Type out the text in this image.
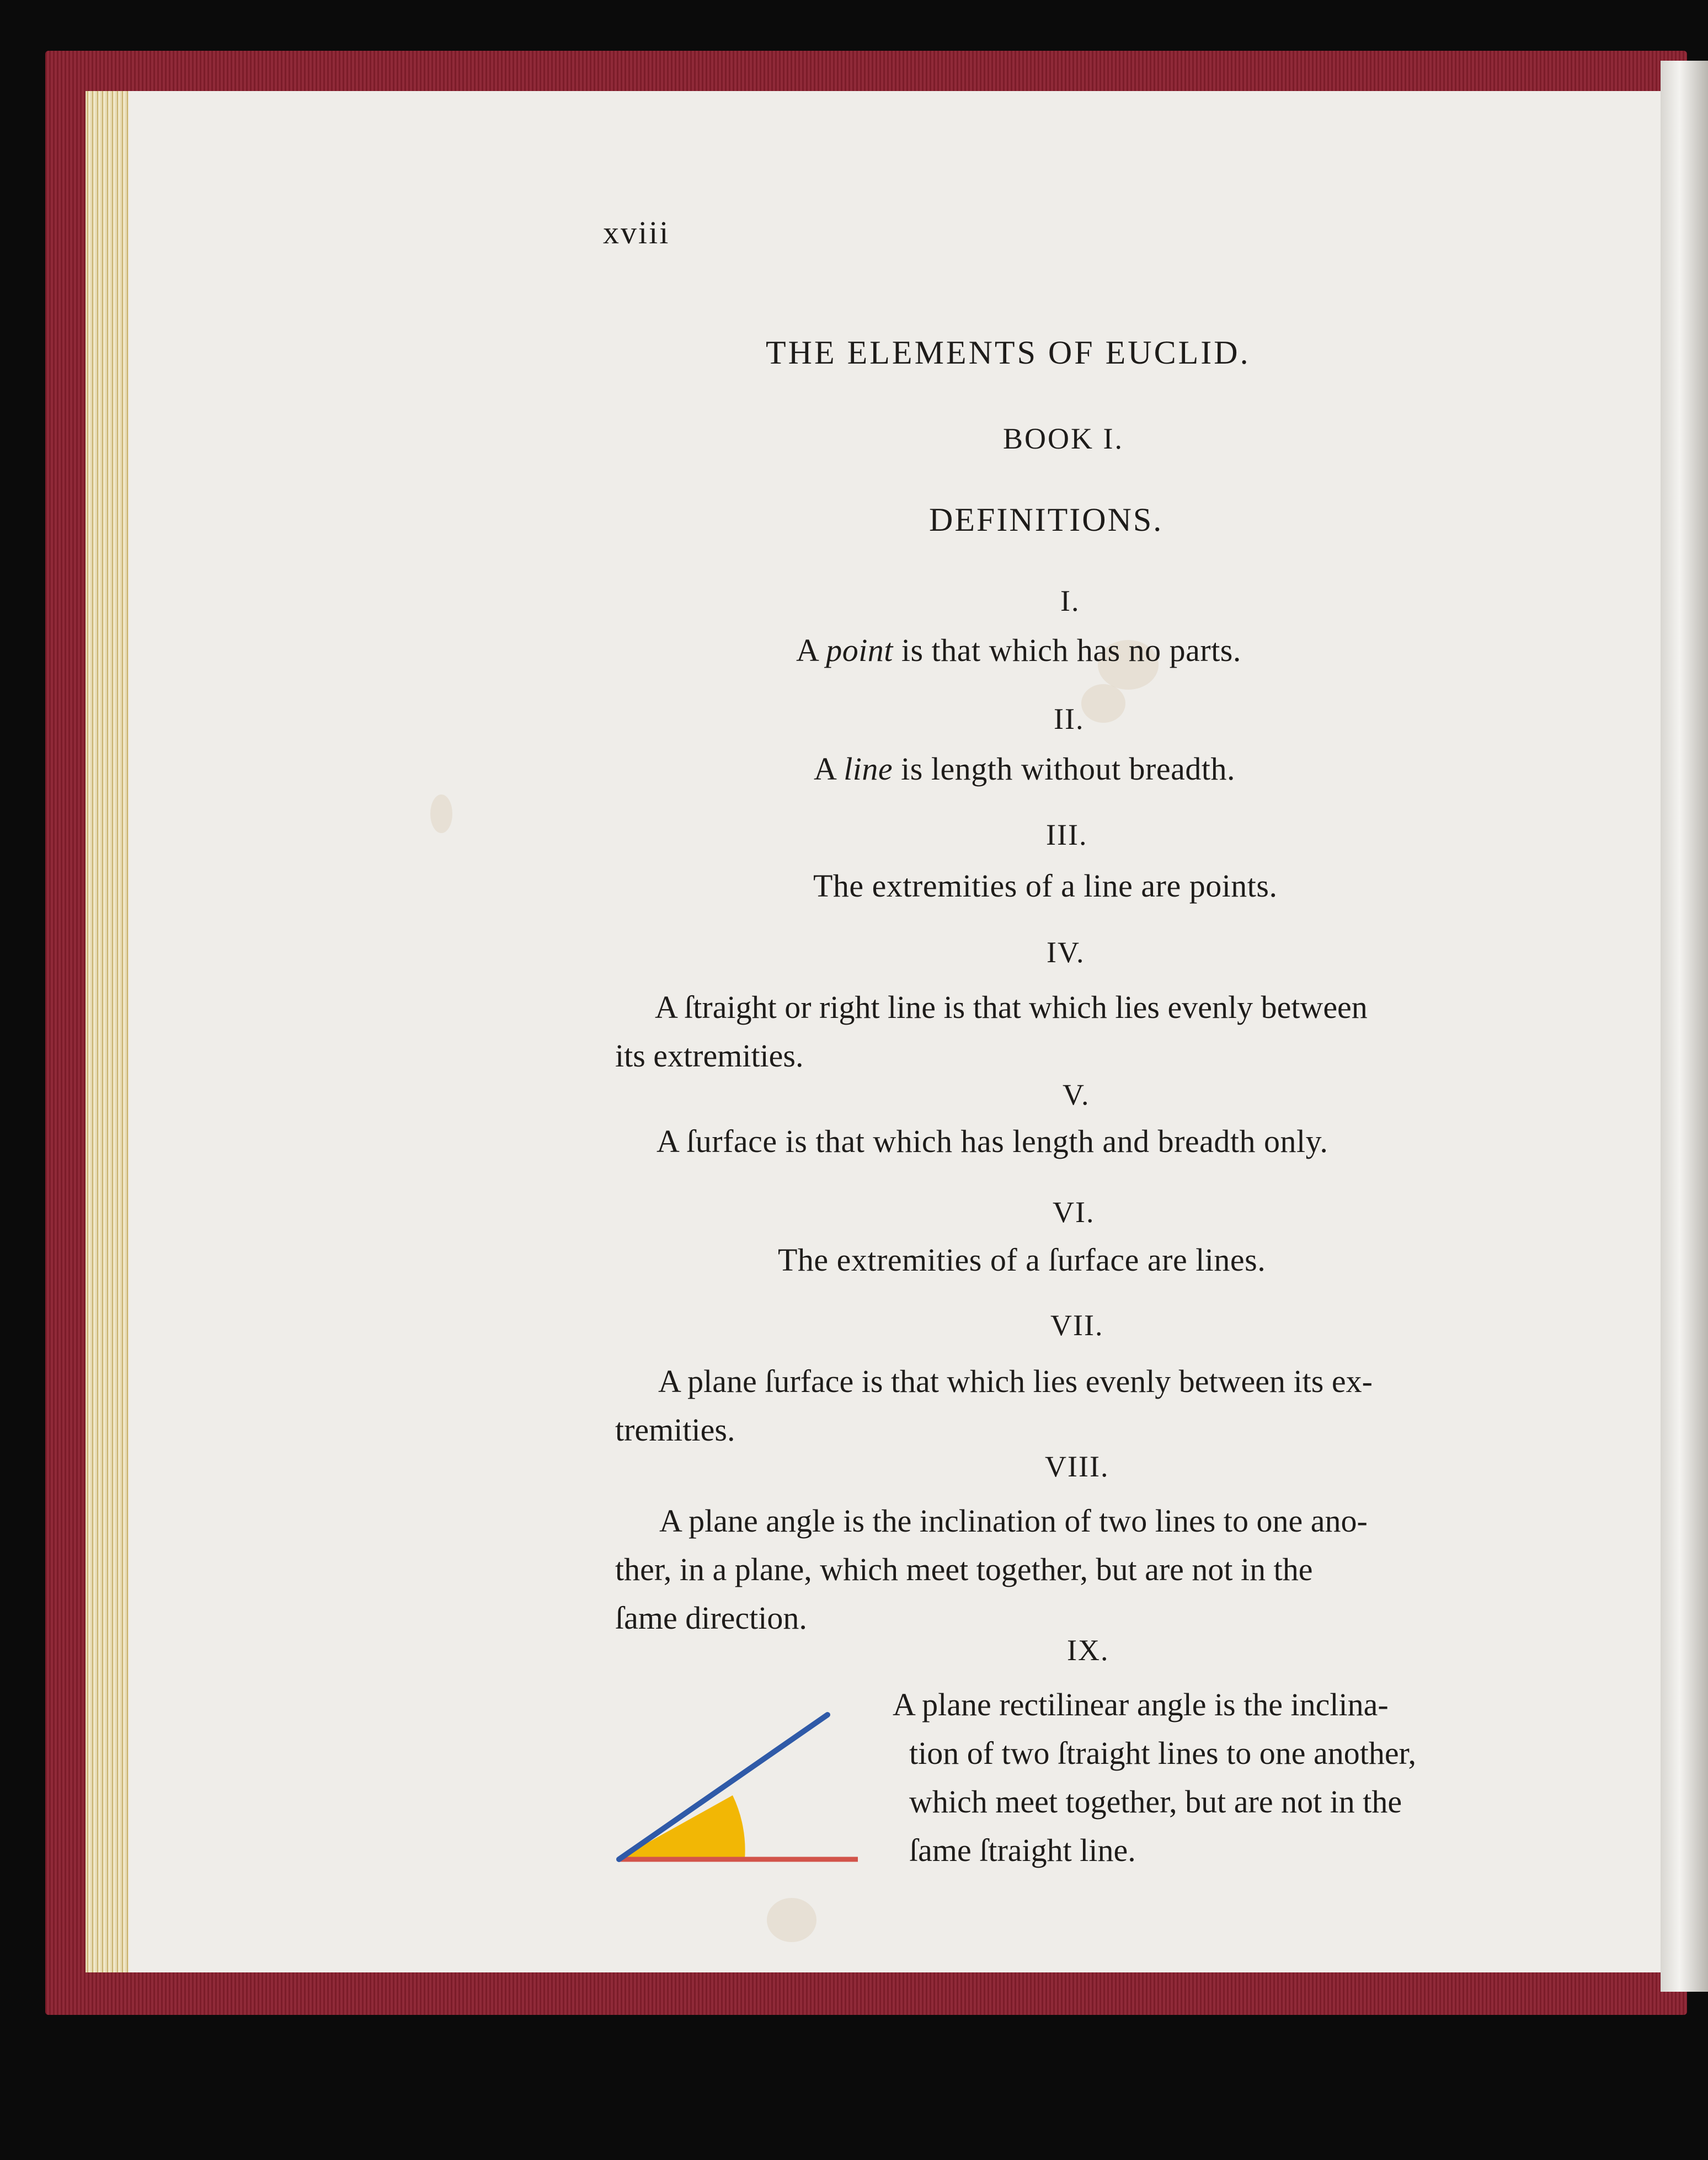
xviii
THE ELEMENTS OF EUCLID.
BOOK I.
DEFINITIONS.
I.
A point is that which has no parts.
II.
A line is length without breadth.
III.
The extremities of a line are points.
IV.
A ſtraight or right line is that which lies evenly between
its extremities.
V.
A ſurface is that which has length and breadth only.
VI.
The extremities of a ſurface are lines.
VII.
A plane ſurface is that which lies evenly between its ex-
tremities.
VIII.
A plane angle is the inclination of two lines to one ano-
ther, in a plane, which meet together, but are not in the
ſame direction.
IX.
A plane rectilinear angle is the inclina-
tion of two ſtraight lines to one another,
which meet together, but are not in the
ſame ſtraight line.
